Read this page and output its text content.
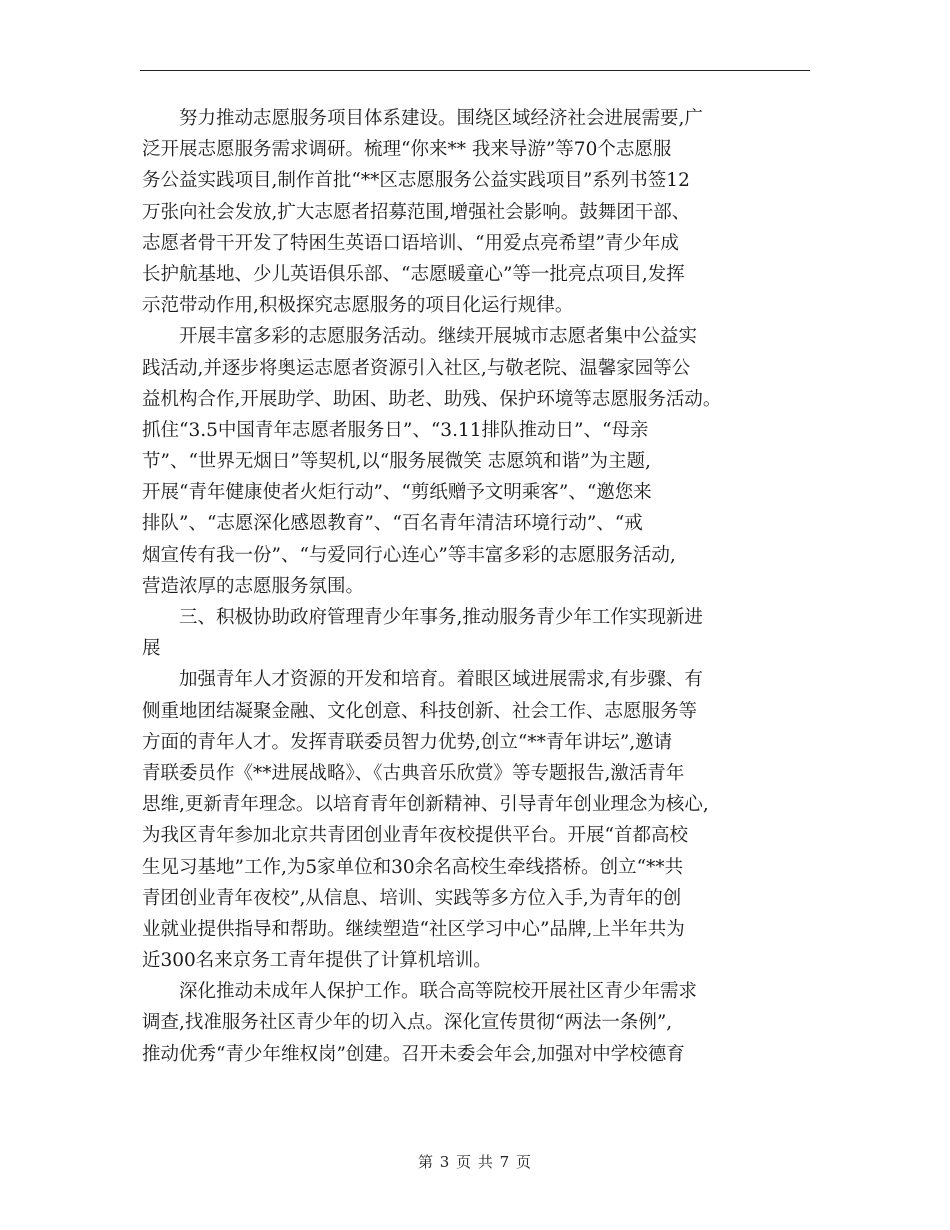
　　努力推动志愿服务项目体系建设。围绕区域经济社会进展需要,广
泛开展志愿服务需求调研。梳理“你来** 我来导游”等70个志愿服
务公益实践项目,制作首批“**区志愿服务公益实践项目”系列书签12
万张向社会发放,扩大志愿者招募范围,增强社会影响。鼓舞团干部、
志愿者骨干开发了特困生英语口语培训、“用爱点亮希望”青少年成
长护航基地、少儿英语俱乐部、“志愿暖童心”等一批亮点项目,发挥
示范带动作用,积极探究志愿服务的项目化运行规律。
　　开展丰富多彩的志愿服务活动。继续开展城市志愿者集中公益实
践活动,并逐步将奥运志愿者资源引入社区,与敬老院、温馨家园等公
益机构合作,开展助学、助困、助老、助残、保护环境等志愿服务活动。
抓住“3.5中国青年志愿者服务日”、“3.11排队推动日”、“母亲
节”、“世界无烟日”等契机,以“服务展微笑 志愿筑和谐”为主题,
开展“青年健康使者火炬行动”、“剪纸赠予文明乘客”、“邀您来
排队”、“志愿深化感恩教育”、“百名青年清洁环境行动”、“戒
烟宣传有我一份”、“与爱同行心连心”等丰富多彩的志愿服务活动,
营造浓厚的志愿服务氛围。
　　三、积极协助政府管理青少年事务,推动服务青少年工作实现新进
展
　　加强青年人才资源的开发和培育。着眼区域进展需求,有步骤、有
侧重地团结凝聚金融、文化创意、科技创新、社会工作、志愿服务等
方面的青年人才。发挥青联委员智力优势,创立“**青年讲坛”,邀请
青联委员作《**进展战略》、《古典音乐欣赏》等专题报告,激活青年
思维,更新青年理念。以培育青年创新精神、引导青年创业理念为核心,
为我区青年参加北京共青团创业青年夜校提供平台。开展“首都高校
生见习基地”工作,为5家单位和30余名高校生牵线搭桥。创立“**共
青团创业青年夜校”,从信息、培训、实践等多方位入手,为青年的创
业就业提供指导和帮助。继续塑造“社区学习中心”品牌,上半年共为
近300名来京务工青年提供了计算机培训。
　　深化推动未成年人保护工作。联合高等院校开展社区青少年需求
调查,找准服务社区青少年的切入点。深化宣传贯彻“两法一条例”,
推动优秀“青少年维权岗”创建。召开未委会年会,加强对中学校德育
第 3 页 共 7 页
